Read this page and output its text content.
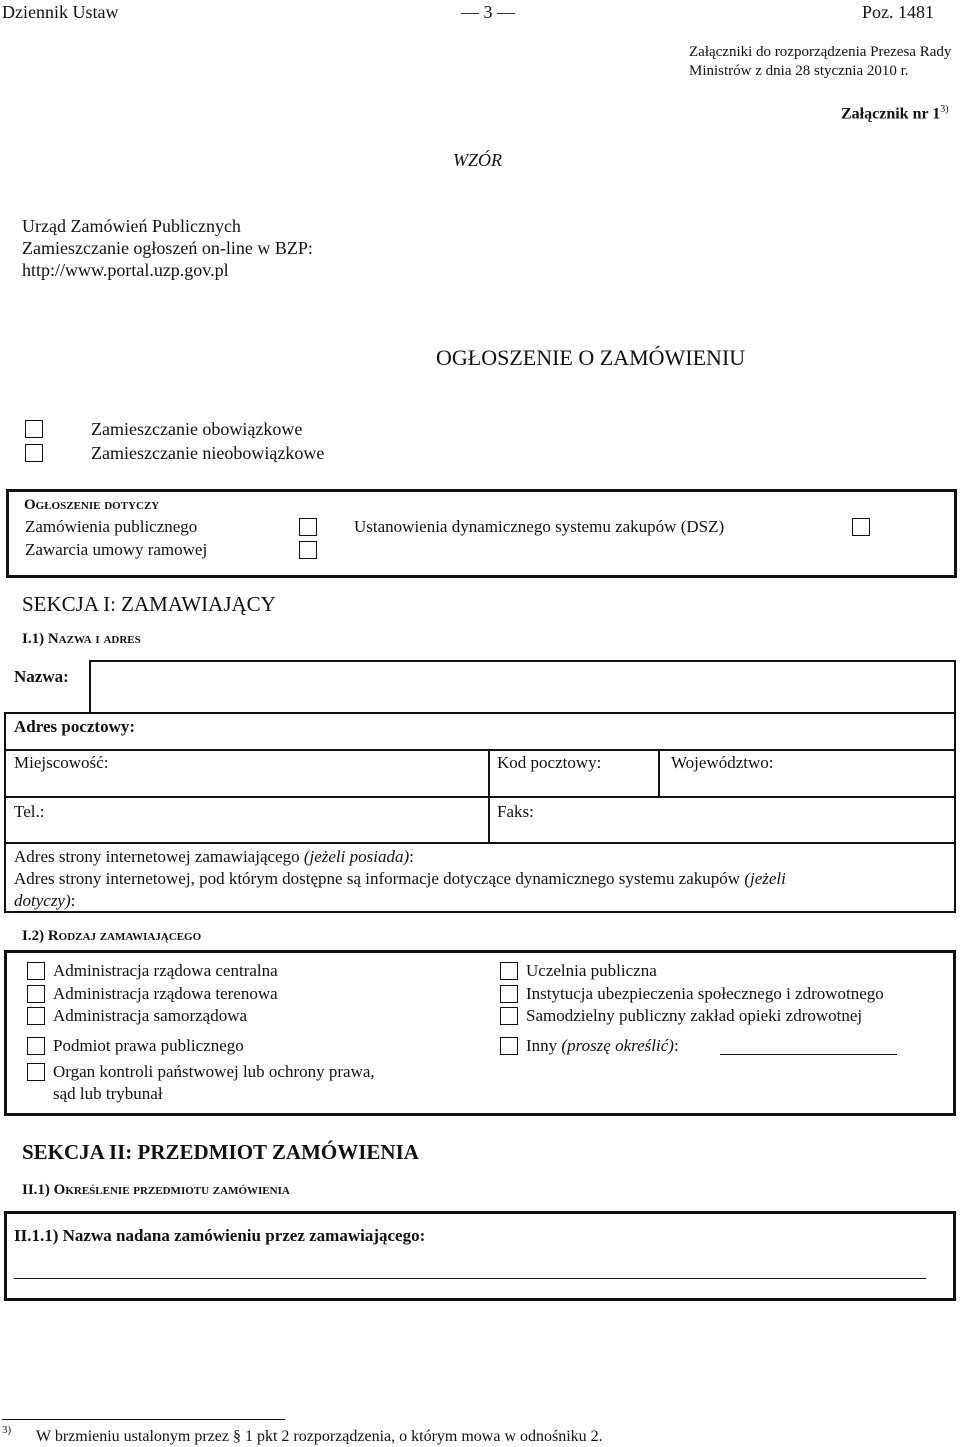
Dziennik Ustaw	— 3 —	Poz. 1481
Załączniki do rozporządzenia Prezesa Rady
Ministrów z dnia 28 stycznia 2010 r.
Załącznik nr 1$^{3)}$
WZÓR
Urząd Zamówień Publicznych
Zamieszczanie ogłoszeń on-line w BZP:
http://www.portal.uzp.gov.pl
OGŁOSZENIE O ZAMÓWIENIU
Zamieszczanie obowiązkowe
Zamieszczanie nieobowiązkowe
Ogłoszenie dotyczy
Zamówienia publicznego	Ustanowienia dynamicznego systemu zakupów (DSZ)
Zawarcia umowy ramowej
SEKCJA I: ZAMAWIAJĄCY
I.1) Nazwa i adres
Nazwa:
Adres pocztowy:
Miejscowość:	Kod pocztowy:	Województwo:
Tel.:	Faks:
Adres strony internetowej zamawiającego (jeżeli posiada):
Adres strony internetowej, pod którym dostępne są informacje dotyczące dynamicznego systemu zakupów (jeżeli
dotyczy):
I.2) Rodzaj zamawiającego
Administracja rządowa centralna
Administracja rządowa terenowa
Administracja samorządowa
Podmiot prawa publicznego
Organ kontroli państwowej lub ochrony prawa,
sąd lub trybunał
Uczelnia publiczna
Instytucja ubezpieczenia społecznego i zdrowotnego
Samodzielny publiczny zakład opieki zdrowotnej
Inny (proszę określić):
SEKCJA II: PRZEDMIOT ZAMÓWIENIA
II.1) Określenie przedmiotu zamówienia
II.1.1) Nazwa nadana zamówieniu przez zamawiającego:
3) W brzmieniu ustalonym przez § 1 pkt 2 rozporządzenia, o którym mowa w odnośniku 2.
